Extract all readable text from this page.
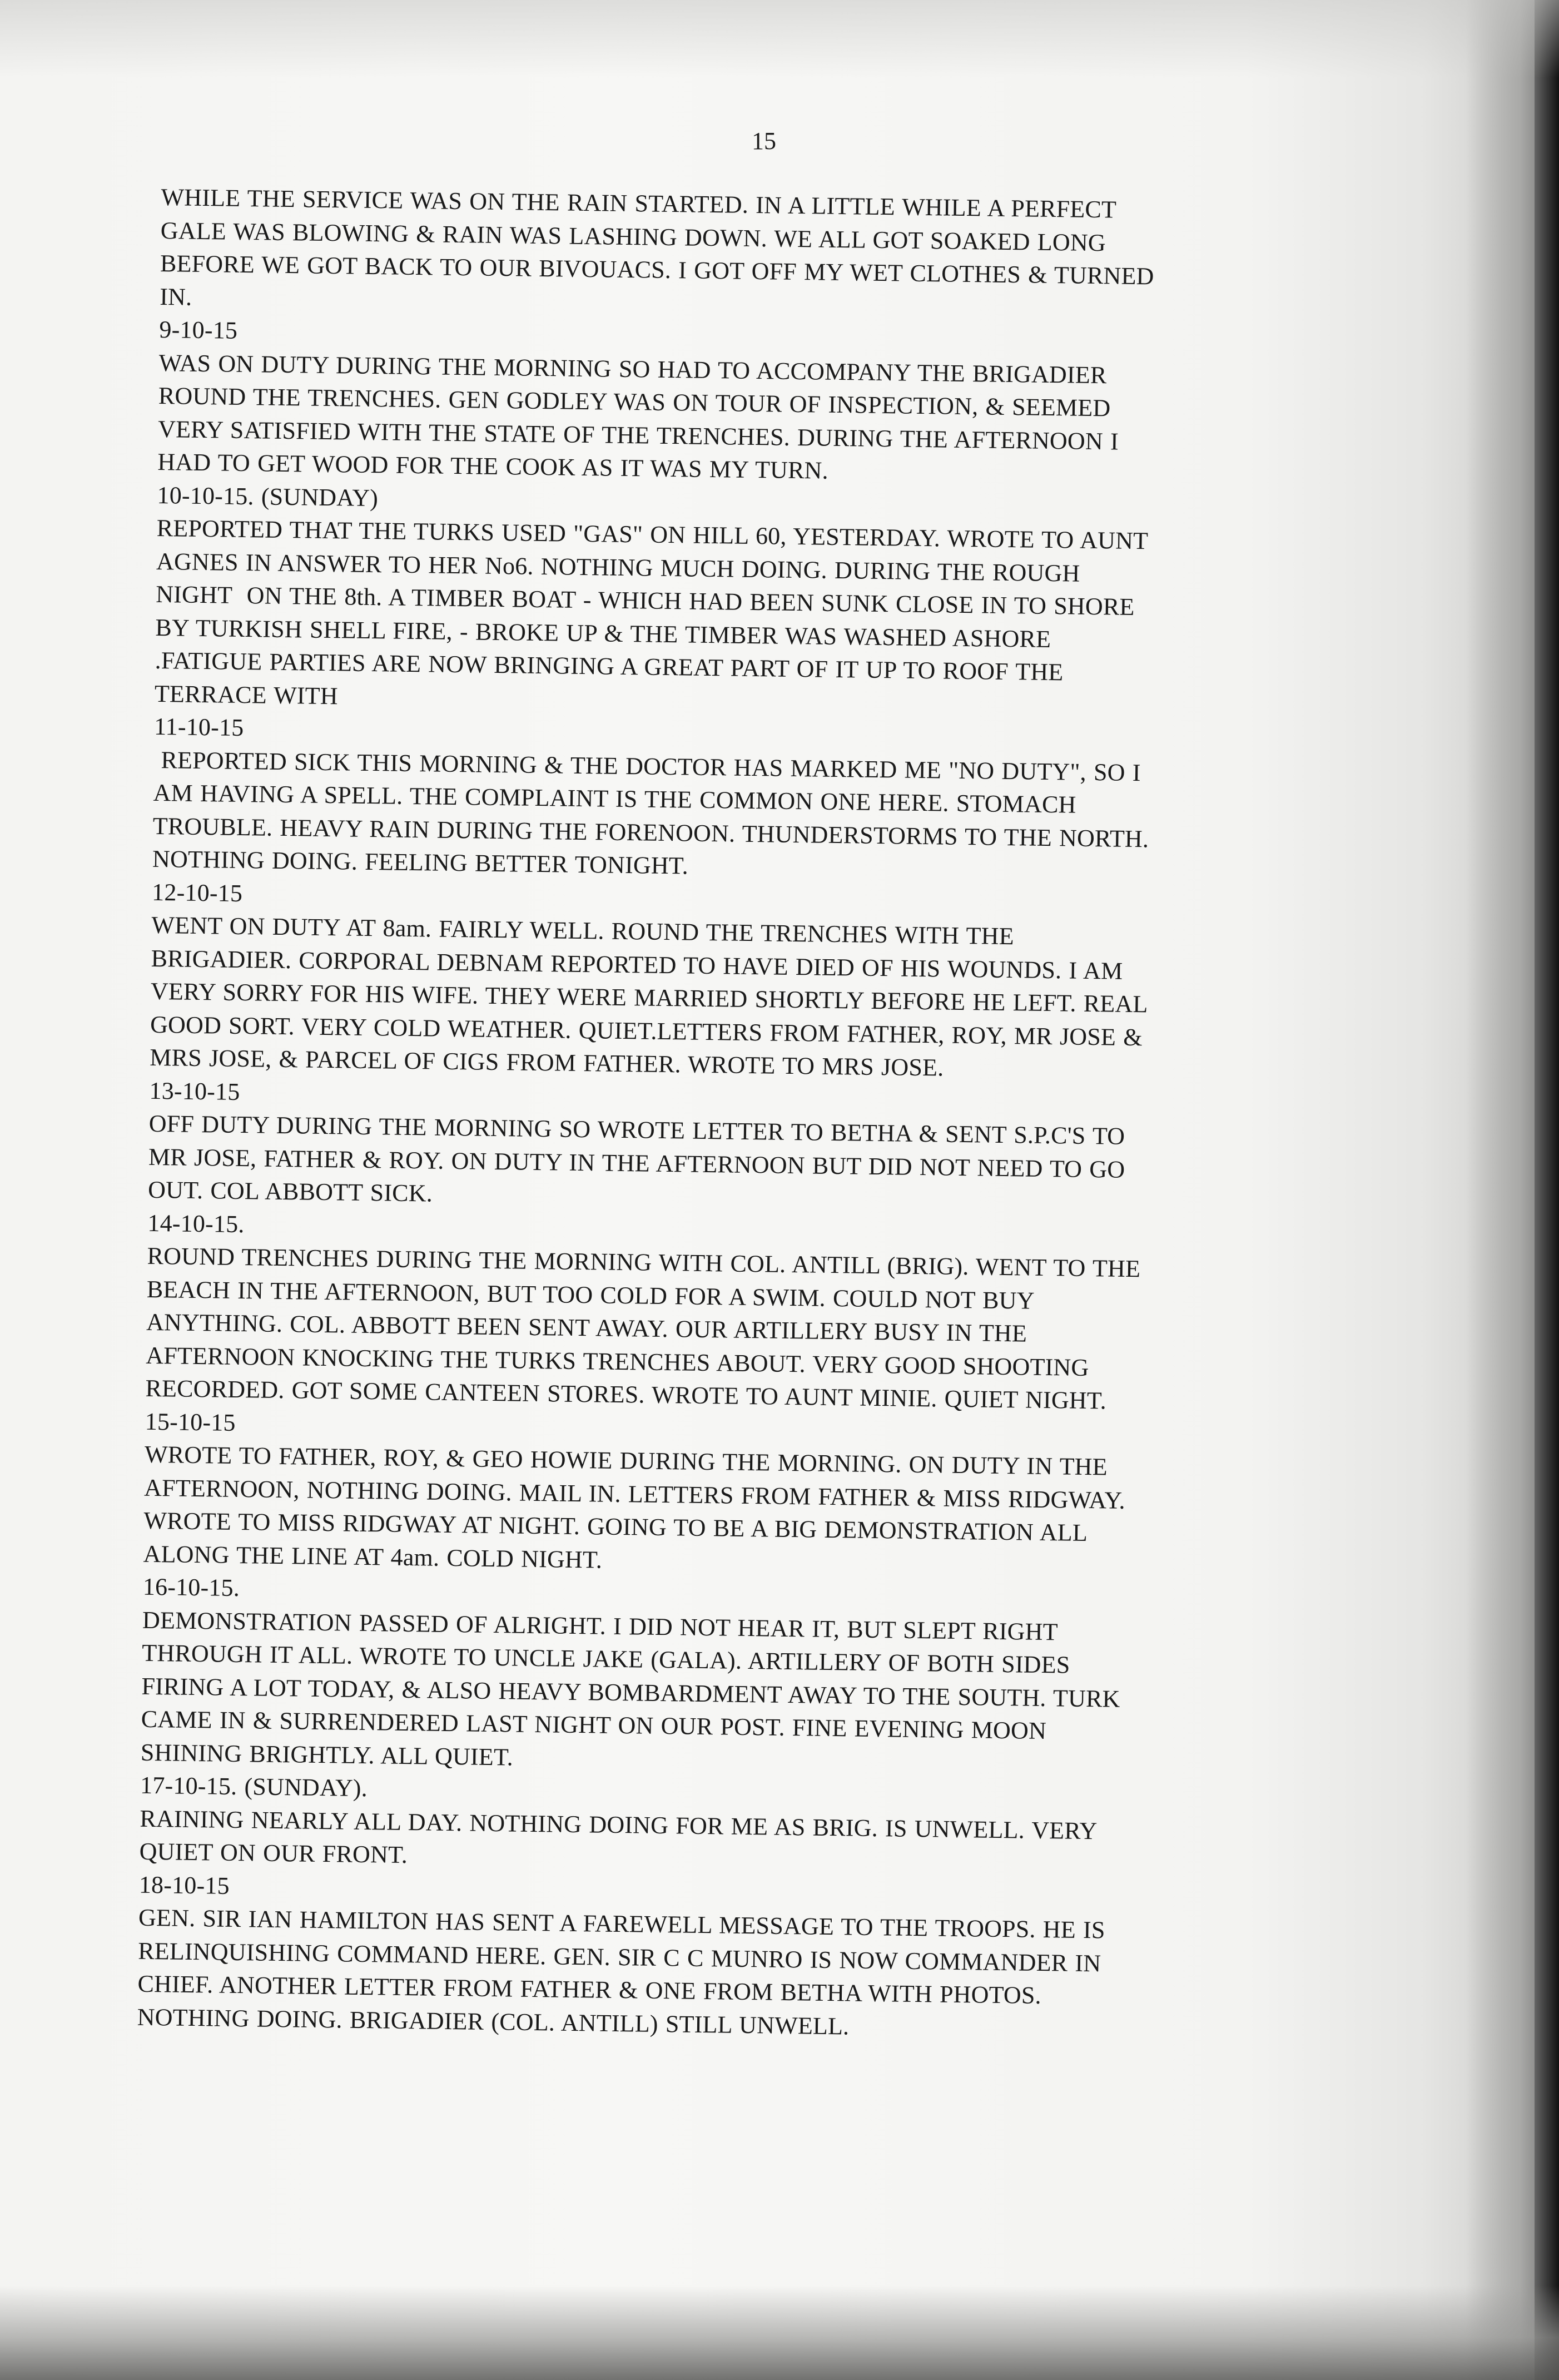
15

WHILE THE SERVICE WAS ON THE RAIN STARTED. IN A LITTLE WHILE A PERFECT
GALE WAS BLOWING & RAIN WAS LASHING DOWN. WE ALL GOT SOAKED LONG
BEFORE WE GOT BACK TO OUR BIVOUACS. I GOT OFF MY WET CLOTHES & TURNED
IN.

9-10-15

WAS ON DUTY DURING THE MORNING SO HAD TO ACCOMPANY THE BRIGADIER
ROUND THE TRENCHES. GEN GODLEY WAS ON TOUR OF INSPECTION, & SEEMED
VERY SATISFIED WITH THE STATE OF THE TRENCHES. DURING THE AFTERNOON I
HAD TO GET WOOD FOR THE COOK AS IT WAS MY TURN.

10-10-15. (SUNDAY)

REPORTED THAT THE TURKS USED "GAS" ON HILL 60, YESTERDAY. WROTE TO AUNT
AGNES IN ANSWER TO HER No6. NOTHING MUCH DOING. DURING THE ROUGH
NIGHT  ON THE 8th. A TIMBER BOAT - WHICH HAD BEEN SUNK CLOSE IN TO SHORE
BY TURKISH SHELL FIRE, - BROKE UP & THE TIMBER WAS WASHED ASHORE
.FATIGUE PARTIES ARE NOW BRINGING A GREAT PART OF IT UP TO ROOF THE
TERRACE WITH

11-10-15

REPORTED SICK THIS MORNING & THE DOCTOR HAS MARKED ME "NO DUTY", SO I
AM HAVING A SPELL. THE COMPLAINT IS THE COMMON ONE HERE. STOMACH
TROUBLE. HEAVY RAIN DURING THE FORENOON. THUNDERSTORMS TO THE NORTH.
NOTHING DOING. FEELING BETTER TONIGHT.

12-10-15

WENT ON DUTY AT 8am. FAIRLY WELL. ROUND THE TRENCHES WITH THE
BRIGADIER. CORPORAL DEBNAM REPORTED TO HAVE DIED OF HIS WOUNDS. I AM
VERY SORRY FOR HIS WIFE. THEY WERE MARRIED SHORTLY BEFORE HE LEFT. REAL
GOOD SORT. VERY COLD WEATHER. QUIET.LETTERS FROM FATHER, ROY, MR JOSE &
MRS JOSE, & PARCEL OF CIGS FROM FATHER. WROTE TO MRS JOSE.

13-10-15

OFF DUTY DURING THE MORNING SO WROTE LETTER TO BETHA & SENT S.P.C'S TO
MR JOSE, FATHER & ROY. ON DUTY IN THE AFTERNOON BUT DID NOT NEED TO GO
OUT. COL ABBOTT SICK.

14-10-15.

ROUND TRENCHES DURING THE MORNING WITH COL. ANTILL (BRIG). WENT TO THE
BEACH IN THE AFTERNOON, BUT TOO COLD FOR A SWIM. COULD NOT BUY
ANYTHING. COL. ABBOTT BEEN SENT AWAY. OUR ARTILLERY BUSY IN THE
AFTERNOON KNOCKING THE TURKS TRENCHES ABOUT. VERY GOOD SHOOTING
RECORDED. GOT SOME CANTEEN STORES. WROTE TO AUNT MINIE. QUIET NIGHT.

15-10-15

WROTE TO FATHER, ROY, & GEO HOWIE DURING THE MORNING. ON DUTY IN THE
AFTERNOON, NOTHING DOING. MAIL IN. LETTERS FROM FATHER & MISS RIDGWAY.
WROTE TO MISS RIDGWAY AT NIGHT. GOING TO BE A BIG DEMONSTRATION ALL
ALONG THE LINE AT 4am. COLD NIGHT.

16-10-15.

DEMONSTRATION PASSED OF ALRIGHT. I DID NOT HEAR IT, BUT SLEPT RIGHT
THROUGH IT ALL. WROTE TO UNCLE JAKE (GALA). ARTILLERY OF BOTH SIDES
FIRING A LOT TODAY, & ALSO HEAVY BOMBARDMENT AWAY TO THE SOUTH. TURK
CAME IN & SURRENDERED LAST NIGHT ON OUR POST. FINE EVENING MOON
SHINING BRIGHTLY. ALL QUIET.

17-10-15. (SUNDAY).

RAINING NEARLY ALL DAY. NOTHING DOING FOR ME AS BRIG. IS UNWELL. VERY
QUIET ON OUR FRONT.

18-10-15

GEN. SIR IAN HAMILTON HAS SENT A FAREWELL MESSAGE TO THE TROOPS. HE IS
RELINQUISHING COMMAND HERE. GEN. SIR C C MUNRO IS NOW COMMANDER IN
CHIEF. ANOTHER LETTER FROM FATHER & ONE FROM BETHA WITH PHOTOS.
NOTHING DOING. BRIGADIER (COL. ANTILL) STILL UNWELL.
